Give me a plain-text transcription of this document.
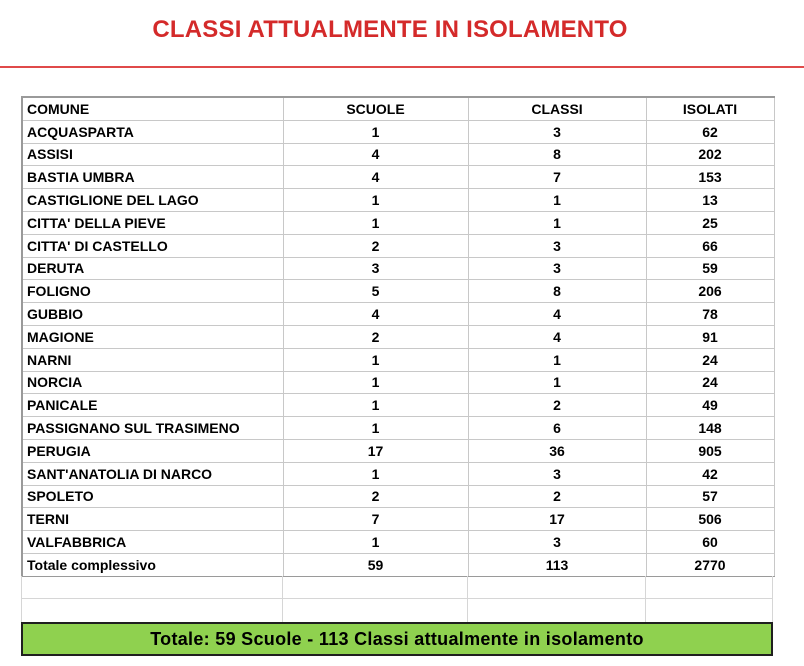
CLASSI ATTUALMENTE IN ISOLAMENTO
COMUNE	SCUOLE	CLASSI	ISOLATI
ACQUASPARTA	1	3	62
ASSISI	4	8	202
BASTIA UMBRA	4	7	153
CASTIGLIONE DEL LAGO	1	1	13
CITTA' DELLA PIEVE	1	1	25
CITTA' DI CASTELLO	2	3	66
DERUTA	3	3	59
FOLIGNO	5	8	206
GUBBIO	4	4	78
MAGIONE	2	4	91
NARNI	1	1	24
NORCIA	1	1	24
PANICALE	1	2	49
PASSIGNANO SUL TRASIMENO	1	6	148
PERUGIA	17	36	905
SANT'ANATOLIA DI NARCO	1	3	42
SPOLETO	2	2	57
TERNI	7	17	506
VALFABBRICA	1	3	60
Totale complessivo	59	113	2770
Totale: 59 Scuole - 113 Classi attualmente in isolamento
